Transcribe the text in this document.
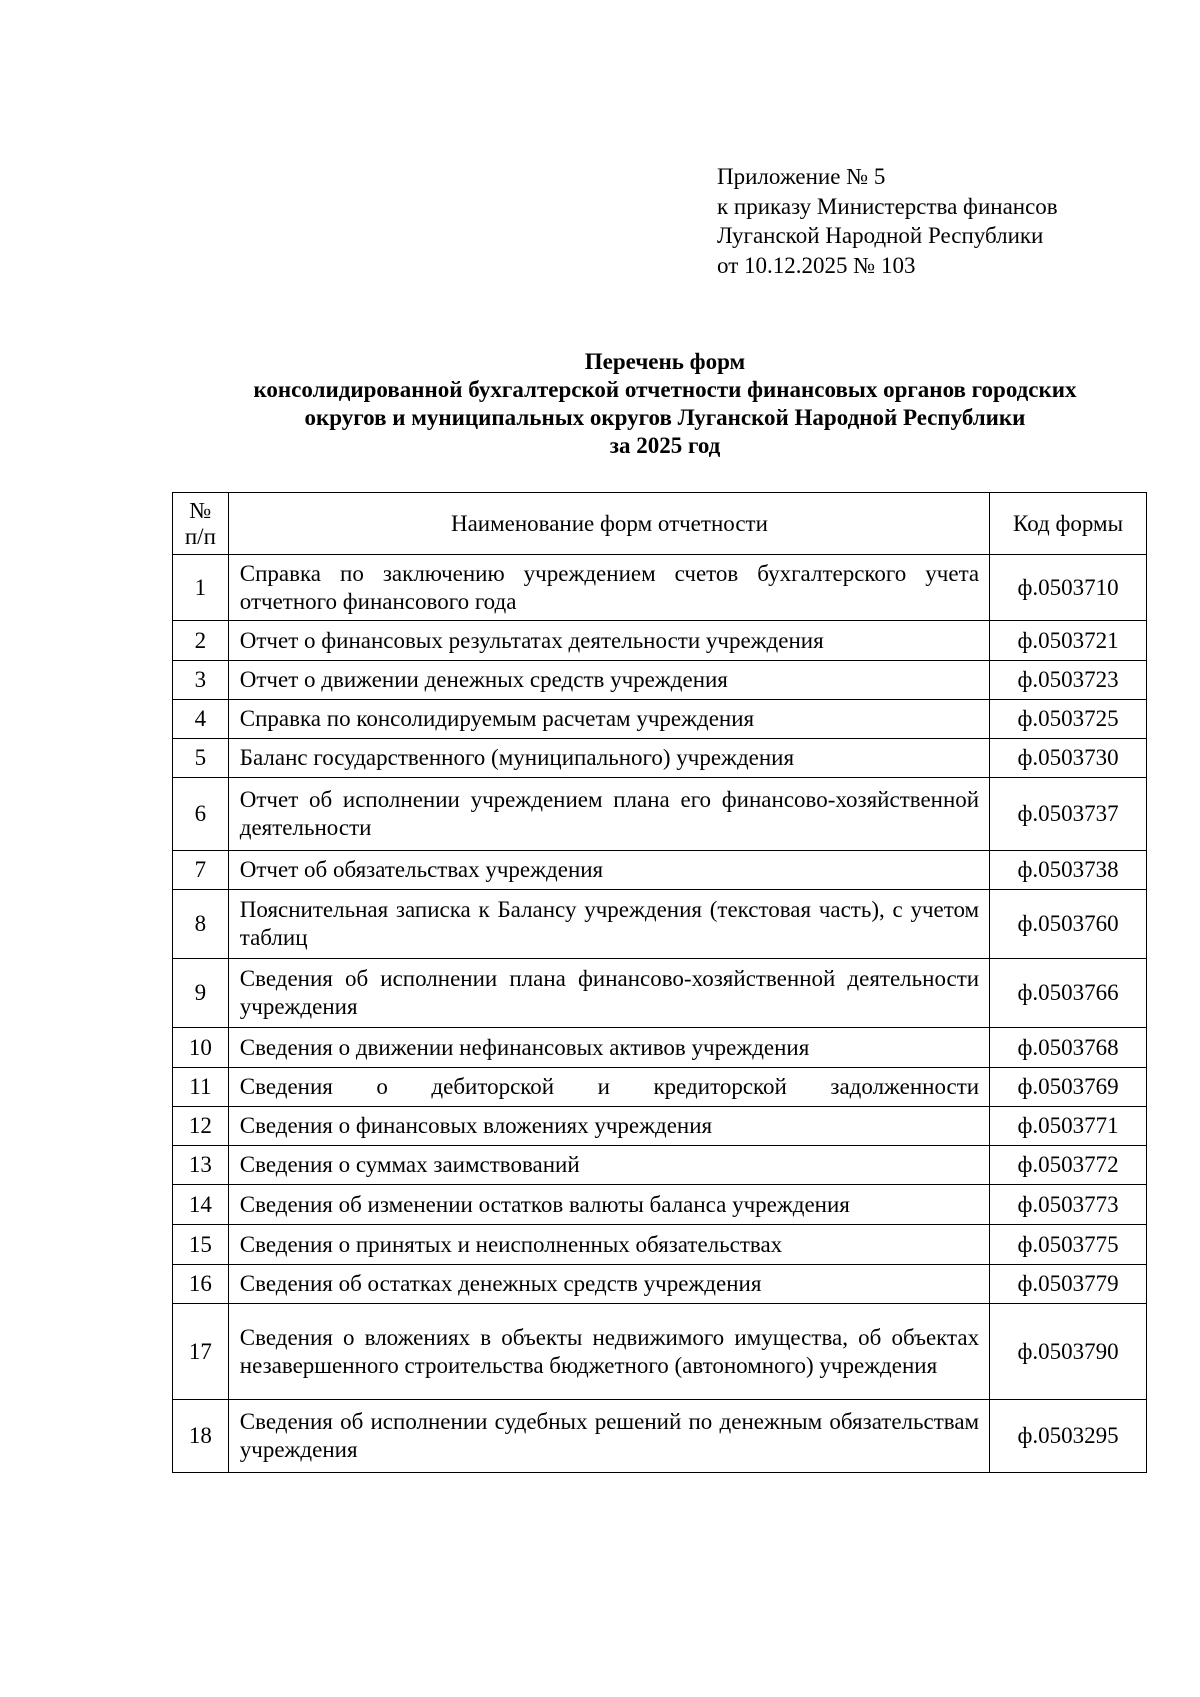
Приложение № 5
к приказу Министерства финансов
Луганской Народной Республики
от 10.12.2025 № 103
Перечень форм
консолидированной бухгалтерской отчетности финансовых органов городских
округов и муниципальных округов Луганской Народной Республики
за 2025 год
№
п/п	Наименование форм отчетности	Код формы
1	Справка по заключению учреждением счетов бухгалтерского учета отчетного финансового года	ф.0503710
2	Отчет о финансовых результатах деятельности учреждения	ф.0503721
3	Отчет о движении денежных средств учреждения	ф.0503723
4	Справка по консолидируемым расчетам учреждения	ф.0503725
5	Баланс государственного (муниципального) учреждения	ф.0503730
6	Отчет об исполнении учреждением плана его финансово-хозяйственной деятельности	ф.0503737
7	Отчет об обязательствах учреждения	ф.0503738
8	Пояснительная записка к Балансу учреждения (текстовая часть), с учетом таблиц	ф.0503760
9	Сведения об исполнении плана финансово-хозяйственной деятельности учреждения	ф.0503766
10	Сведения о движении нефинансовых активов учреждения	ф.0503768
11	Сведения о дебиторской и кредиторской задолженности	ф.0503769
12	Сведения о финансовых вложениях учреждения	ф.0503771
13	Сведения о суммах заимствований	ф.0503772
14	Сведения об изменении остатков валюты баланса учреждения	ф.0503773
15	Сведения о принятых и неисполненных обязательствах	ф.0503775
16	Сведения об остатках денежных средств учреждения	ф.0503779
17	Сведения о вложениях в объекты недвижимого имущества, об объектах незавершенного строительства бюджетного (автономного) учреждения	ф.0503790
18	Сведения об исполнении судебных решений по денежным обязательствам учреждения	ф.0503295
